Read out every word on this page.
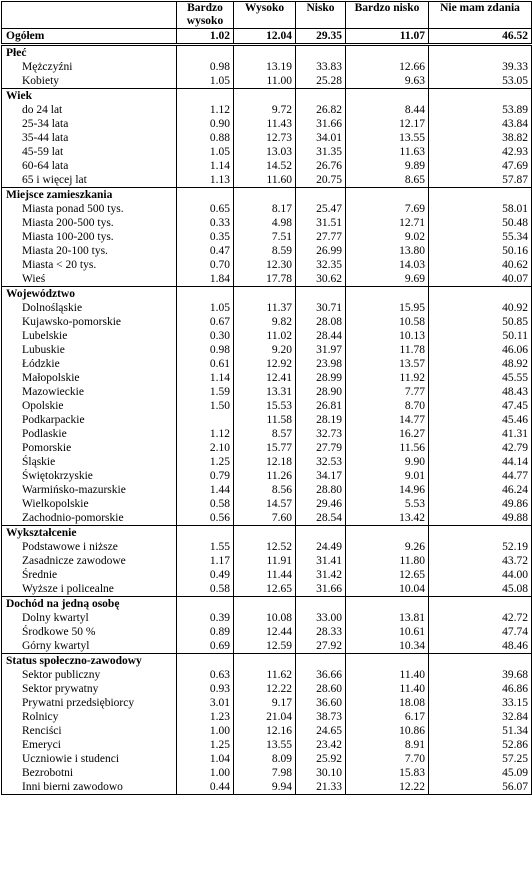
	Bardzo wysoko	Wysoko	Nisko	Bardzo nisko	Nie mam zdania
Ogółem	1.02	12.04	29.35	11.07	46.52
Płeć					
Mężczyźni	0.98	13.19	33.83	12.66	39.33
Kobiety	1.05	11.00	25.28	9.63	53.05
Wiek					
do 24 lat	1.12	9.72	26.82	8.44	53.89
25-34 lata	0.90	11.43	31.66	12.17	43.84
35-44 lata	0.88	12.73	34.01	13.55	38.82
45-59 lat	1.05	13.03	31.35	11.63	42.93
60-64 lata	1.14	14.52	26.76	9.89	47.69
65 i więcej lat	1.13	11.60	20.75	8.65	57.87
Miejsce zamieszkania					
Miasta ponad 500 tys.	0.65	8.17	25.47	7.69	58.01
Miasta 200-500 tys.	0.33	4.98	31.51	12.71	50.48
Miasta 100-200 tys.	0.35	7.51	27.77	9.02	55.34
Miasta 20-100 tys.	0.47	8.59	26.99	13.80	50.16
Miasta < 20 tys.	0.70	12.30	32.35	14.03	40.62
Wieś	1.84	17.78	30.62	9.69	40.07
Województwo					
Dolnośląskie	1.05	11.37	30.71	15.95	40.92
Kujawsko-pomorskie	0.67	9.82	28.08	10.58	50.85
Lubelskie	0.30	11.02	28.44	10.13	50.11
Lubuskie	0.98	9.20	31.97	11.78	46.06
Łódzkie	0.61	12.92	23.98	13.57	48.92
Małopolskie	1.14	12.41	28.99	11.92	45.55
Mazowieckie	1.59	13.31	28.90	7.77	48.43
Opolskie	1.50	15.53	26.81	8.70	47.45
Podkarpackie		11.58	28.19	14.77	45.46
Podlaskie	1.12	8.57	32.73	16.27	41.31
Pomorskie	2.10	15.77	27.79	11.56	42.79
Śląskie	1.25	12.18	32.53	9.90	44.14
Świętokrzyskie	0.79	11.26	34.17	9.01	44.77
Warmińsko-mazurskie	1.44	8.56	28.80	14.96	46.24
Wielkopolskie	0.58	14.57	29.46	5.53	49.86
Zachodnio-pomorskie	0.56	7.60	28.54	13.42	49.88
Wykształcenie					
Podstawowe i niższe	1.55	12.52	24.49	9.26	52.19
Zasadnicze zawodowe	1.17	11.91	31.41	11.80	43.72
Średnie	0.49	11.44	31.42	12.65	44.00
Wyższe i policealne	0.58	12.65	31.66	10.04	45.08
Dochód na jedną osobę					
Dolny kwartyl	0.39	10.08	33.00	13.81	42.72
Środkowe 50 %	0.89	12.44	28.33	10.61	47.74
Górny kwartyl	0.69	12.59	27.92	10.34	48.46
Status społeczno-zawodowy					
Sektor publiczny	0.63	11.62	36.66	11.40	39.68
Sektor prywatny	0.93	12.22	28.60	11.40	46.86
Prywatni przedsiębiorcy	3.01	9.17	36.60	18.08	33.15
Rolnicy	1.23	21.04	38.73	6.17	32.84
Renciści	1.00	12.16	24.65	10.86	51.34
Emeryci	1.25	13.55	23.42	8.91	52.86
Uczniowie i studenci	1.04	8.09	25.92	7.70	57.25
Bezrobotni	1.00	7.98	30.10	15.83	45.09
Inni bierni zawodowo	0.44	9.94	21.33	12.22	56.07
